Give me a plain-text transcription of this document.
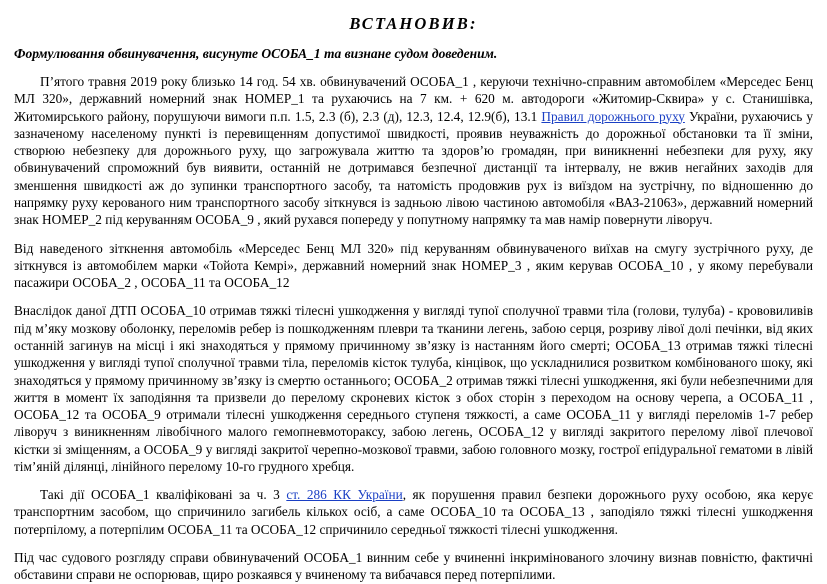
ВСТАНОВИВ:
Формулювання обвинувачення, висунуте ОСОБА_1 та визнане судом доведеним.

П’ятого травня 2019 року близько 14 год. 54 хв. обвинувачений ОСОБА_1 , керуючи технічно-справним автомобілем «Мерседес Бенц МЛ 320», державний номерний знак НОМЕР_1 та рухаючись на 7 км. + 620 м. автодороги «Житомир-Сквира» у с. Станишівка, Житомирського району, порушуючи вимоги п.п. 1.5, 2.3 (б), 2.3 (д), 12.3, 12.4, 12.9(б), 13.1 Правил дорожнього руху України, рухаючись у зазначеному населеному пункті із перевищенням допустимої швидкості, проявив неуважність до дорожньої обстановки та її зміни, створюю небезпеку для дорожнього руху, що загрожувала життю та здоров’ю громадян, при виникненні небезпеки для руху, яку обвинувачений спроможний був виявити, останній не дотримався безпечної дистанції та інтервалу, не вжив негайних заходів для зменшення швидкості аж до зупинки транспортного засобу, та натомість продовжив рух із виїздом на зустрічну, по відношенню до напрямку руху керованого ним транспортного засобу зіткнувся із задньою лівою частиною автомобіля «ВАЗ-21063», державний номерний знак НОМЕР_2 під керуванням ОСОБА_9 , який рухався попереду у попутному напрямку та мав намір повернути ліворуч.

Від наведеного зіткнення автомобіль «Мерседес Бенц МЛ 320» під керуванням обвинуваченого виїхав на смугу зустрічного руху, де зіткнувся із автомобілем марки «Тойота Кемрі», державний номерний знак НОМЕР_3 , яким керував ОСОБА_10 , у якому перебували пасажири ОСОБА_2 , ОСОБА_11 та ОСОБА_12

Внаслідок даної ДТП ОСОБА_10 отримав тяжкі тілесні ушкодження у вигляді тупої сполучної травми тіла (голови, тулуба) - крововиливів під м’яку мозкову оболонку, переломів ребер із пошкодженням плеври та тканини легень, забою серця, розриву лівої долі печінки, від яких останній загинув на місці і які знаходяться у прямому причинному зв’язку із настанням його смерті; ОСОБА_13 отримав тяжкі тілесні ушкодження у вигляді тупої сполучної травми тіла, переломів кісток тулуба, кінцівок, що ускладнилися розвитком комбінованого шоку, які знаходяться у прямому причинному зв’язку із смертю останнього; ОСОБА_2 отримав тяжкі тілесні ушкодження, які були небезпечними для життя в момент їх заподіяння та призвели до перелому скроневих кісток з обох сторін з переходом на основу черепа, а ОСОБА_11 , ОСОБА_12 та ОСОБА_9 отримали тілесні ушкодження середнього ступеня тяжкості, а саме ОСОБА_11 у вигляді переломів 1-7 ребер ліворуч з виникненням лівобічного малого гемопневмотораксу, забою легень, ОСОБА_12 у вигляді закритого перелому лівої плечової кістки зі зміщенням, а ОСОБА_9 у вигляді закритої черепно-мозкової травми, забою головного мозку, гострої епідуральної гематоми в лівій тім’яній ділянці, лінійного перелому 10-го грудного хребця.

Такі дії ОСОБА_1 кваліфіковані за ч. 3 ст. 286 КК України, як порушення правил безпеки дорожнього руху особою, яка керує транспортним засобом, що спричинило загибель кількох осіб, а саме ОСОБА_10 та ОСОБА_13 , заподіяло тяжкі тілесні ушкодження потерпілому, а потерпілим ОСОБА_11 та ОСОБА_12 спричинило середньої тяжкості тілесні ушкодження.

Під час судового розгляду справи обвинувачений ОСОБА_1 винним себе у вчиненні інкримінованого злочину визнав повністю, фактичні обставини справи не оспорював, щиро розкаявся у вчиненому та вибачався перед потерпілими.
